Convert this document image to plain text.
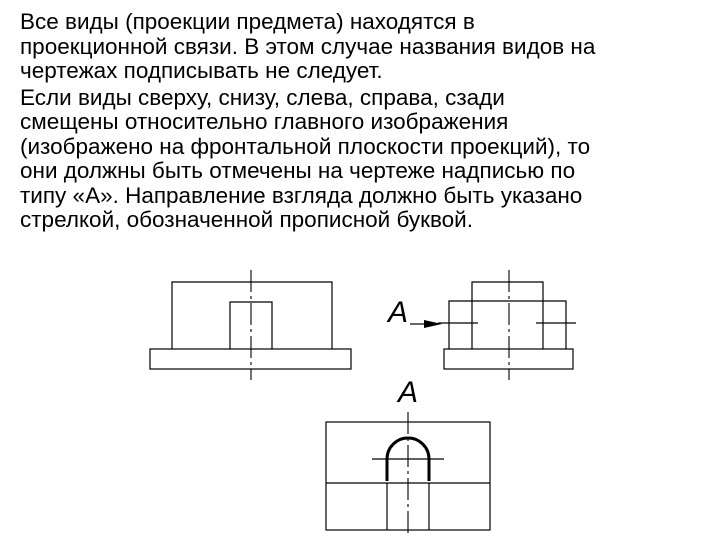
Все виды (проекции предмета) находятся в
проекционной связи. В этом случае названия видов на
чертежах подписывать не следует.
Если виды сверху, снизу, слева, справа, сзади
смещены относительно главного изображения
(изображено на фронтальной плоскости проекций), то
они должны быть отмечены на чертеже надписью по
типу «А». Направление взгляда должно быть указано
стрелкой, обозначенной прописной буквой.
A
A
